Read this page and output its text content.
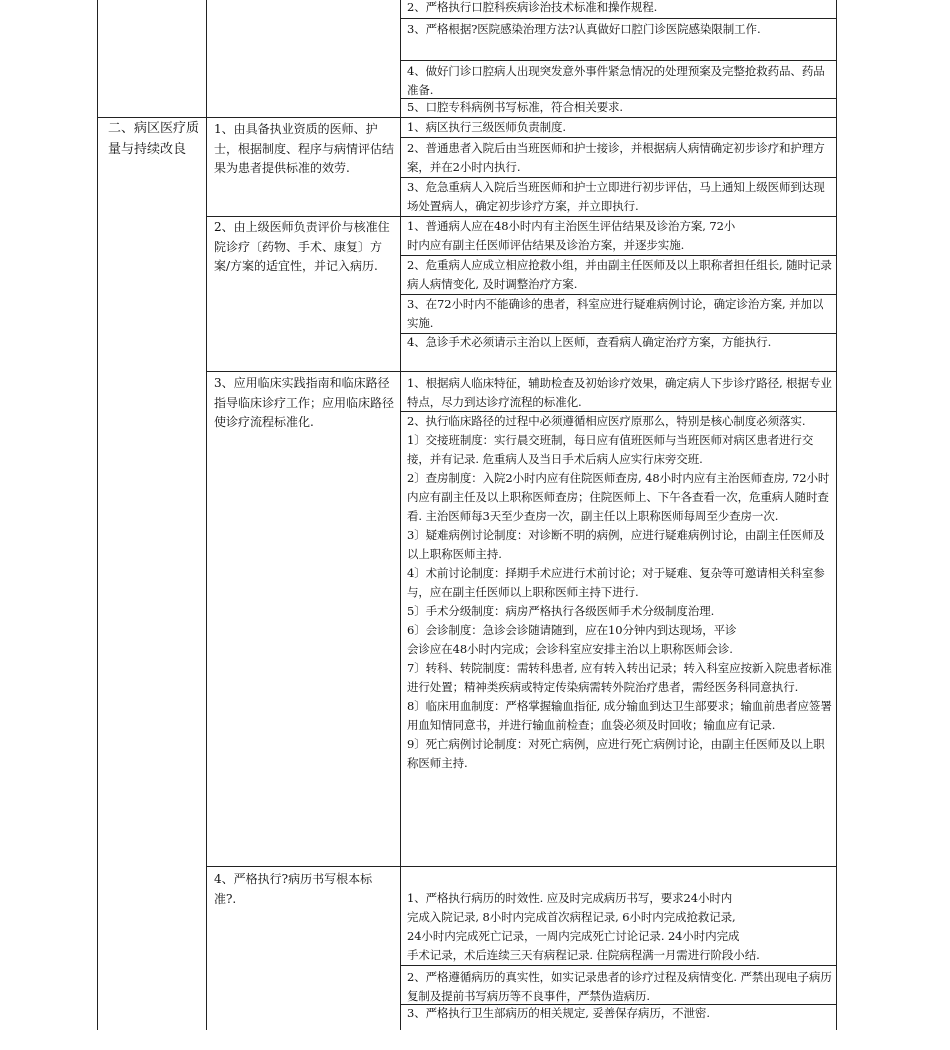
2、严格执行口腔科疾病诊治技术标准和操作规程.
3、严格根据?医院感染治理方法?认真做好口腔门诊医院感染限制工作.
4、做好门诊口腔病人出现突发意外事件紧急情况的处理预案及完整抢救药品、药品准备.
5、口腔专科病例书写标准，符合相关要求.
二、病区医疗质量与持续改良
1、由具备执业资质的医师、护士，根据制度、程序与病情评估结果为患者提供标准的效劳.
1、病区执行三级医师负责制度.
2、普通患者入院后由当班医师和护士接诊，并根据病人病情确定初步诊疗和护理方案，并在2小时内执行.
3、危急重病人入院后当班医师和护士立即进行初步评估，马上通知上级医师到达现场处置病人，确定初步诊疗方案，并立即执行.
2、由上级医师负责评价与核准住院诊疗〔药物、手术、康复〕方案/方案的适宜性，并记入病历.
1、普通病人应在48小时内有主治医生评估结果及诊治方案, 72小
时内应有副主任医师评估结果及诊治方案，并逐步实施.
2、危重病人应成立相应抢救小组，并由副主任医师及以上职称者担任组长, 随时记录病人病情变化, 及时调整治疗方案.
3、在72小时内不能确诊的患者，科室应进行疑难病例讨论，确定诊治方案, 并加以实施.
4、急诊手术必须请示主治以上医师，查看病人确定治疗方案，方能执行.
3、应用临床实践指南和临床路径指导临床诊疗工作；应用临床路径使诊疗流程标准化.
1、根据病人临床特征，辅助检查及初始诊疗效果，确定病人下步诊疗路径, 根据专业特点，尽力到达诊疗流程的标准化.
2、执行临床路径的过程中必须遵循相应医疗原那么，特别是核心制度必须落实.
1〕交接班制度：实行晨交班制，每日应有值班医师与当班医师对病区患者进行交接，并有记录. 危重病人及当日手术后病人应实行床旁交班.
2〕查房制度：入院2小时内应有住院医师查房, 48小时内应有主治医师查房, 72小时内应有副主任及以上职称医师查房；住院医师上、下午各查看一次，危重病人随时查看. 主治医师每3天至少查房一次，副主任以上职称医师每周至少查房一次.
3〕疑难病例讨论制度：对诊断不明的病例，应进行疑难病例讨论，由副主任医师及以上职称医师主持.
4〕术前讨论制度：择期手术应进行术前讨论；对于疑难、复杂等可邀请相关科室参与，应在副主任医师以上职称医师主持下进行.
5〕手术分级制度：病房严格执行各级医师手术分级制度治理.
6〕会诊制度：急诊会诊随请随到，应在10分钟内到达现场，平诊
会诊应在48小时内完成；会诊科室应安排主治以上职称医师会诊.
7〕转科、转院制度：需转科患者, 应有转入转出记录；转入科室应按新入院患者标准进行处置；精神类疾病或特定传染病需转外院治疗患者，需经医务科同意执行.
8〕临床用血制度：严格掌握输血指征, 成分输血到达卫生部要求；输血前患者应签署用血知情同意书，并进行输血前检查；血袋必须及时回收；输血应有记录.
9〕死亡病例讨论制度：对死亡病例，应进行死亡病例讨论，由副主任医师及以上职称医师主持.
4、严格执行?病历书写根本标准?.	1、严格执行病历的时效性. 应及时完成病历书写，要求24小时内
完成入院记录, 8小时内完成首次病程记录, 6小时内完成抢救记录,
24小时内完成死亡记录，一周内完成死亡讨论记录. 24小时内完成
手术记录，术后连续三天有病程记录. 住院病程满一月需进行阶段小结.
2、严格遵循病历的真实性，如实记录患者的诊疗过程及病情变化. 严禁出现电子病历复制及提前书写病历等不良事件，严禁伪造病历.
3、严格执行卫生部病历的相关规定, 妥善保存病历，不泄密.
